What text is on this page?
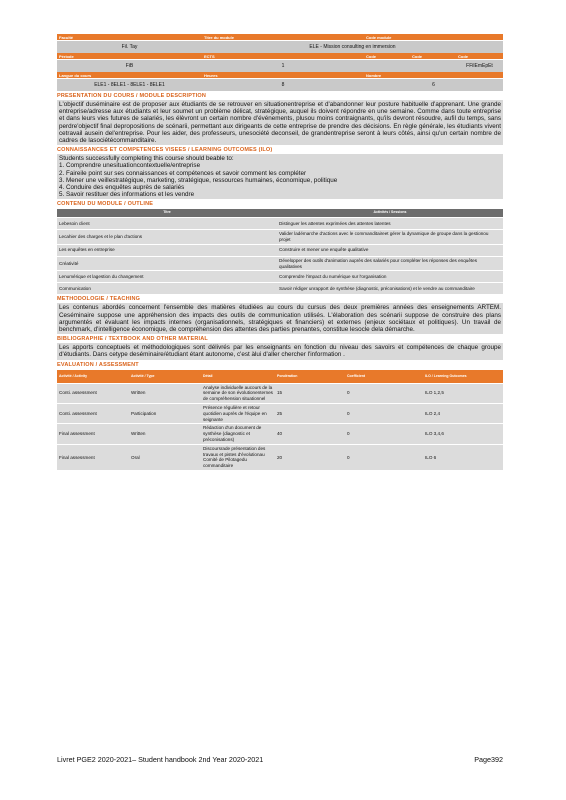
Faculté	Titre du module	Code module
Fil. Tay	ELE - Mission consulting en immersion	
Période	ECTS	Code	Code	Code
FiB	1			FFilEmEpEt
Langue du cours	Heures	Nombre
ELE1 - 8ELE1 - 8ELE1 - 8ELE1	8	6
PRESENTATION DU COURS / MODULE DESCRIPTION

L'objectif duséminaire est de proposer aux étudiants de se retrouver en situationentreprise et d'abandonner leur posture habituelle d'apprenant. Une grande entreprise/adresse aux étudiants et leur soumet un problème délicat, stratégique, auquel ils doivent répondre en une semaine. Comme dans toute entreprise et dans leurs vies futures de salariés, les élèvront un certain nombre d'événements, plusou moins contraignants, qu'ils devront résoudre, aufil du temps, sans perdre'objectif final depropositions de scénarii, permettant aux dirigeants de cette entreprise de prendre des décisions. En règle générale, les étudiants vivent cetravail ausein del'entreprise. Pour les aider, des professeurs, unesociété deconseil, de grandentreprise seront à leurs côtés, ainsi qu'un certain nombre de cadres de lasociétécommanditaire.

CONNAISSANCES ET COMPETENCES VISEES / LEARNING OUTCOMES (ILO)

Students successfully completing this course should beable to:

1. Comprendre unesituationcontextuelle/entreprise

2. Faireile point sur ses connaissances et compétences et savoir comment les compléter

3. Mener une veillestratégique, marketing, stratégique, ressources humaines, économique, politique

4. Conduire des enquêtes auprès de salariés

5. Savoir restituer des informations et les vendre

CONTENU DU MODULE / OUTLINE
Titre	Activités / Sessions
Lebesoin client	Distinguer les attentes exprimées des attentes latentes
Lecahier des charges et le plan d'actions	Valider ladémarche d'actions avec le commanditaireet gérer la dynamique de groupe dans la gestionou projet
Les enquêtes en entreprise	Construire et mener une enquête qualitative
Créativité	Développer des outils d'animation auprès des salariés pour compléter les réponses des enquêtes qualitatives
Lenumérique et lagestion du changement	Comprendre l'impact du numérique sur l'organisation
Communication	Savoir rédiger unrapport de synthèse (diagnostic, préconisations) et le vendre au commanditaire
METHODOLOGIE / TEACHING

Les contenus abordés concernent l'ensemble des matières étudiées au cours du cursus des deux premières années des enseignements ARTEM. Ceséminaire suppose une appréhension des impacts des outils de communication utilisés. L'élaboration des scénarii suppose de construire des plans argumentés et évaluant les impacts internes (organisationnels, stratégiques et financiers) et externes (enjeux sociétaux et politiques). Un travail de benchmark, d'intelligence économique, de compréhension des attentes des parties prenantes, constitue lesocle dela démarche.

BIBLIOGRAPHIE / TEXTBOOK AND OTHER MATERIAL

Les apports conceptuels et méthodologiques sont délivrés par les enseignants en fonction du niveau des savoirs et compétences de chaque groupe d'étudiants. Dans cetype deséminaire/étudiant étant autonome, c'est àlui d'aller chercher l'information .

EVALUATION / ASSESSMENT
Activité / Activity	Activité / Type	Détail	Pondération	Coefficient	ILO / Learning Outcomes
Conti. assessment	Written	Analyse individuelle aucours de la semaine de son évolutionenternes de compréhension situationnel	15	0	ILO 1,2,5
Conti. assessment	Participation	Présence régulière et retour quotidien auprès de l'équipe en seignante	25	0	ILO 2,4
Final assessment	Written	Rédaction d'un document de synthèse (diagnostic et préconisations)	40	0	ILO 3,4,6
Final assessment	Oral	Discoursrade présentation des travaux et pistes d'évolutionau Comité de Pilotagedu commanditaire	20	0	ILO 6
Livret PGE2 2020-2021– Student handbook 2nd Year 2020-2021	Page392
